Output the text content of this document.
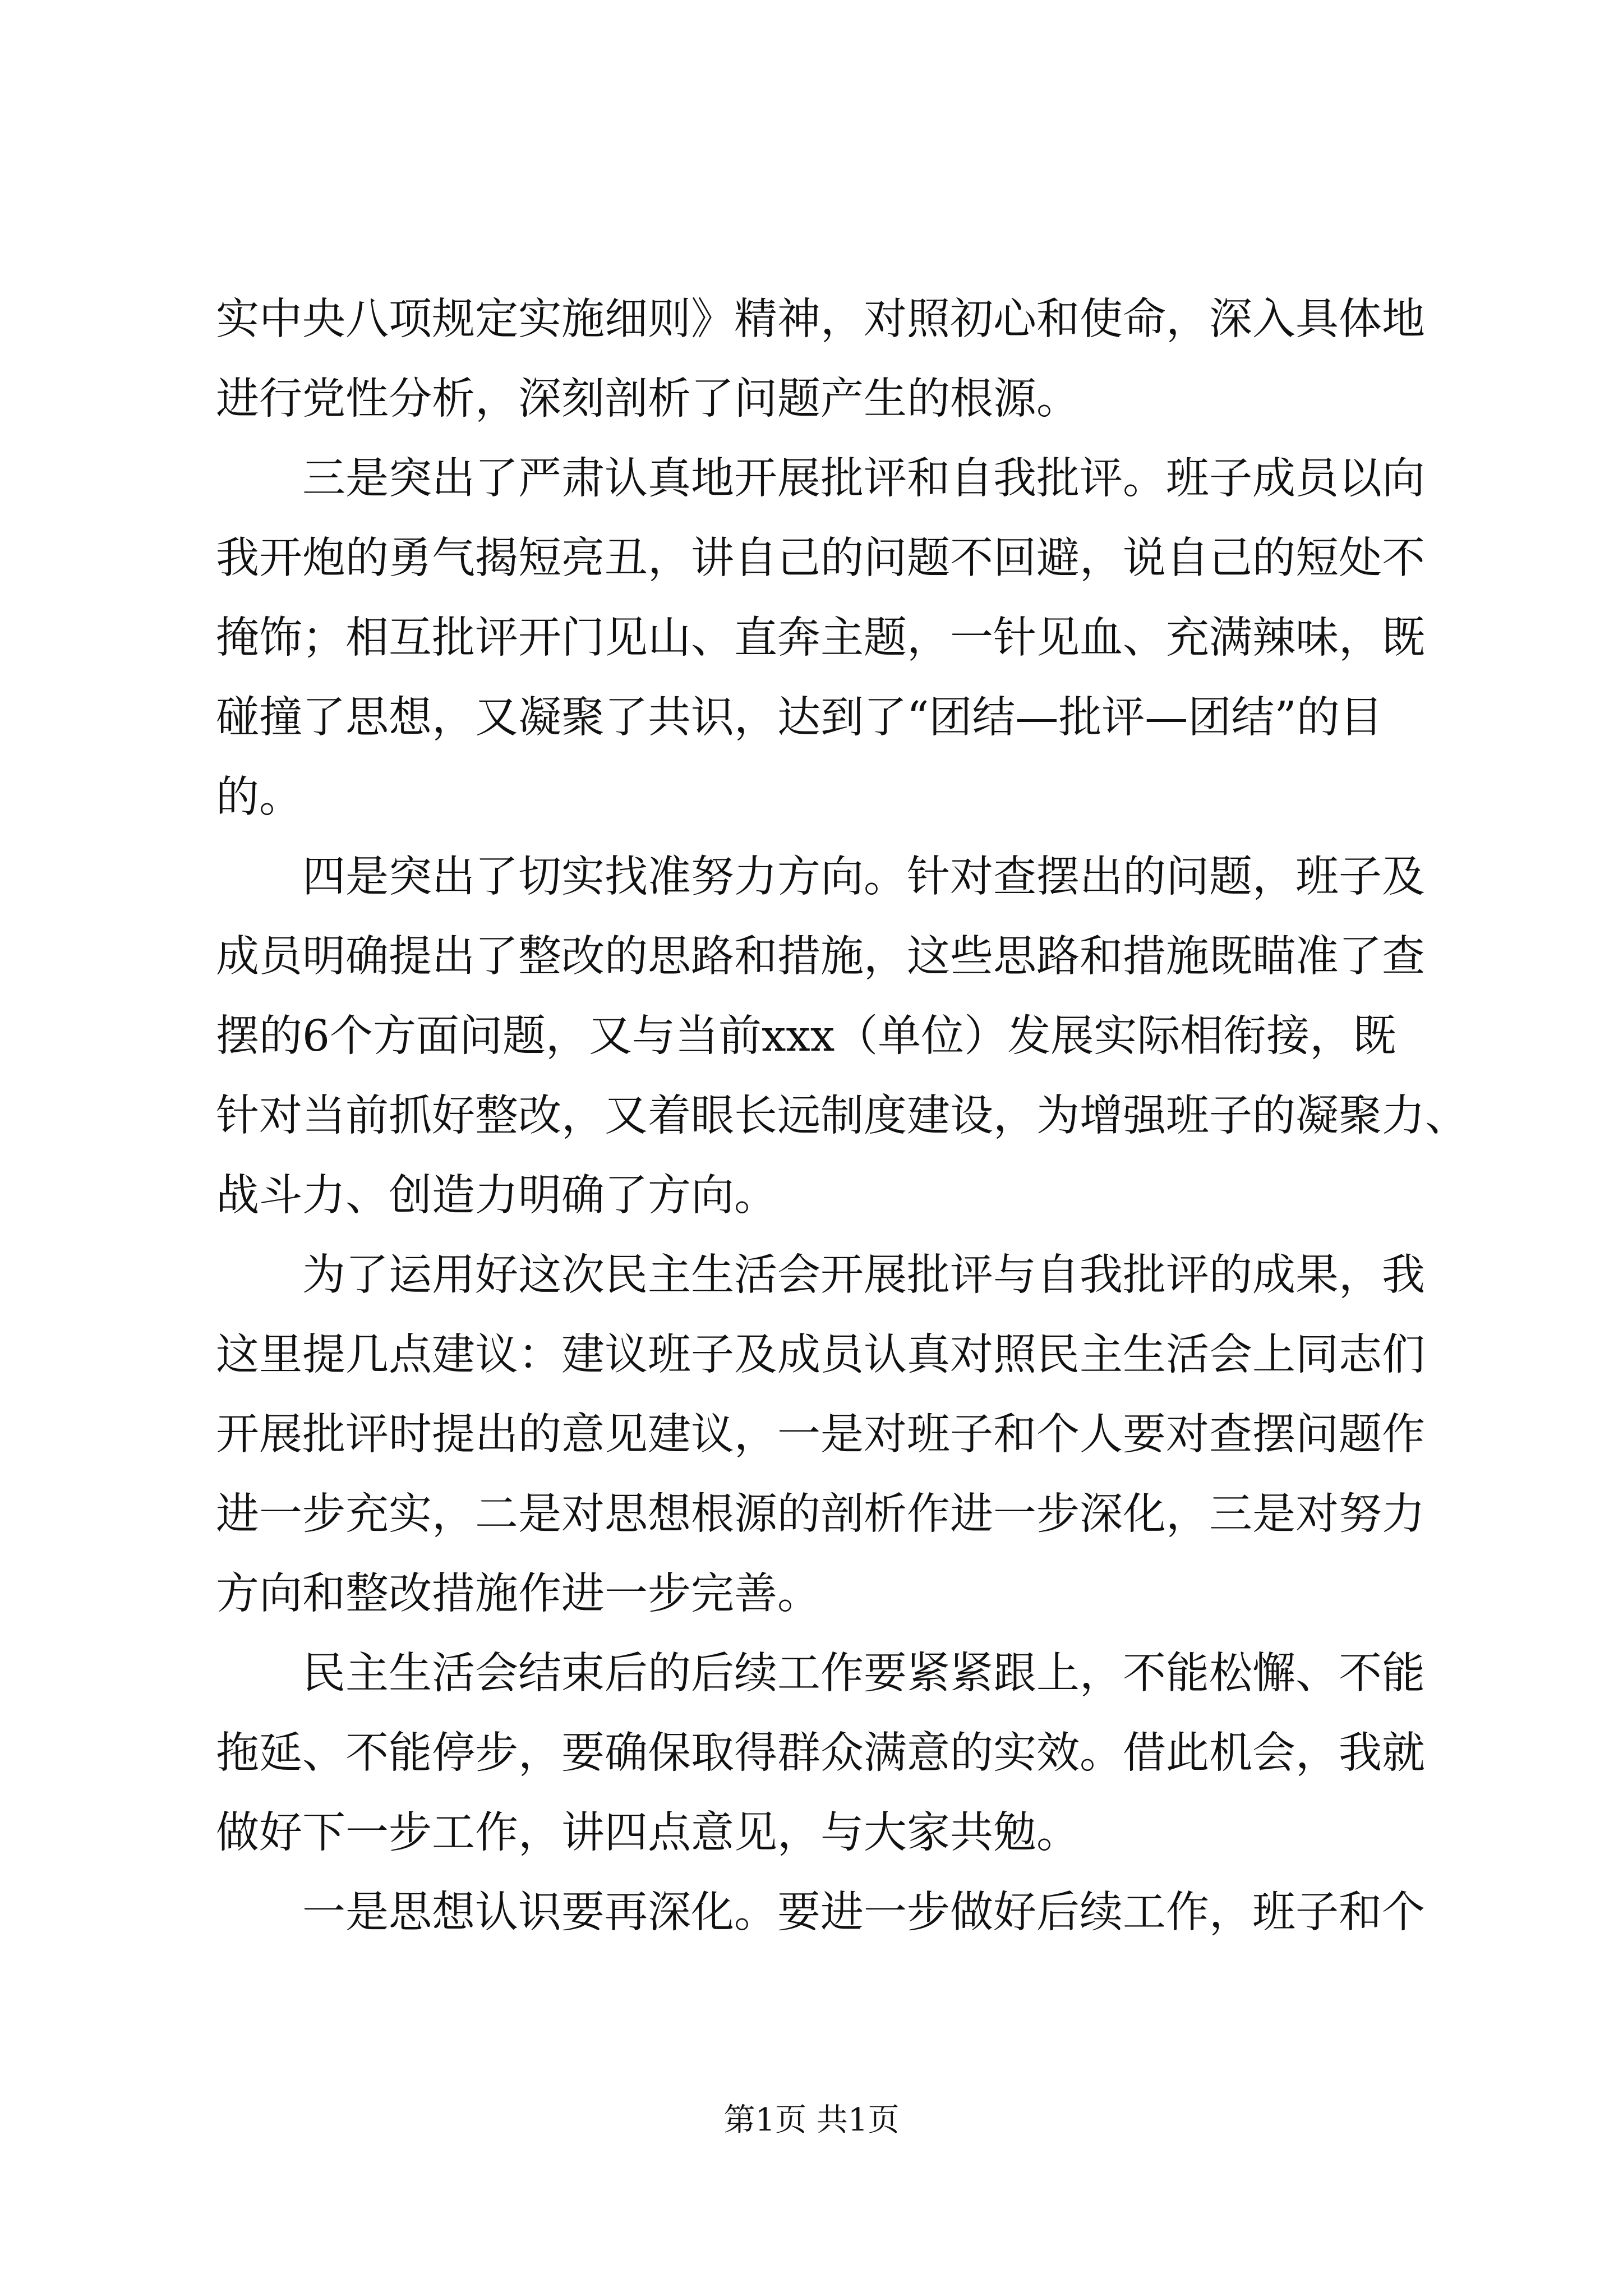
实中央八项规定实施细则》精神，对照初心和使命，深入具体地
进行党性分析，深刻剖析了问题产生的根源。
三是突出了严肃认真地开展批评和自我批评。班子成员以向
我开炮的勇气揭短亮丑，讲自己的问题不回避，说自己的短处不
掩饰；相互批评开门见山、直奔主题，一针见血、充满辣味，既
碰撞了思想，又凝聚了共识，达到了“团结—批评—团结”的目
的。
四是突出了切实找准努力方向。针对查摆出的问题，班子及
成员明确提出了整改的思路和措施，这些思路和措施既瞄准了查
摆的6个方面问题，又与当前xxx（单位）发展实际相衔接，既
针对当前抓好整改，又着眼长远制度建设，为增强班子的凝聚力、
战斗力、创造力明确了方向。
为了运用好这次民主生活会开展批评与自我批评的成果，我
这里提几点建议：建议班子及成员认真对照民主生活会上同志们
开展批评时提出的意见建议，一是对班子和个人要对查摆问题作
进一步充实，二是对思想根源的剖析作进一步深化，三是对努力
方向和整改措施作进一步完善。
民主生活会结束后的后续工作要紧紧跟上，不能松懈、不能
拖延、不能停步，要确保取得群众满意的实效。借此机会，我就
做好下一步工作，讲四点意见，与大家共勉。
一是思想认识要再深化。要进一步做好后续工作，班子和个
第1页 共1页
